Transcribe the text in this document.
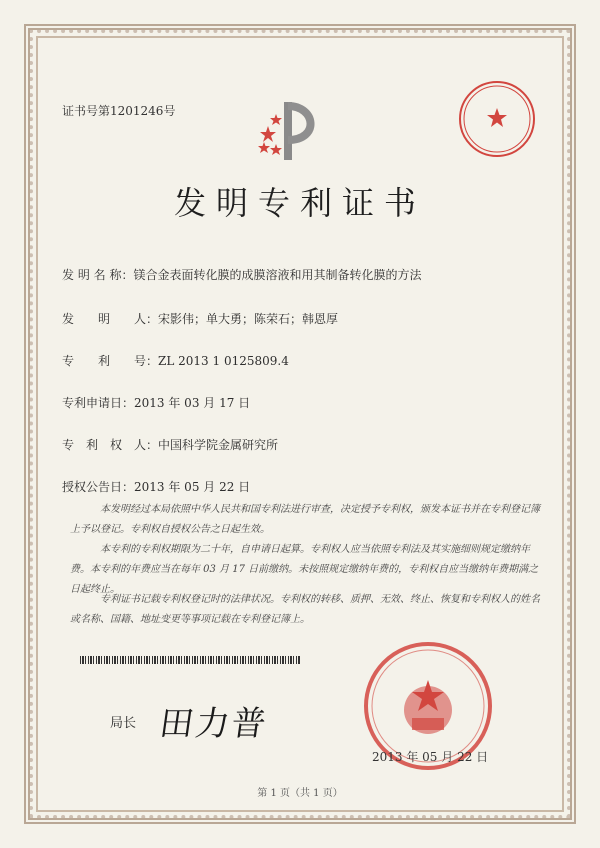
证书号第1201246号
发明专利证书
发 明 名 称：镁合金表面转化膜的成膜溶液和用其制备转化膜的方法
发　　明　　人：宋影伟；单大勇；陈荣石；韩恩厚
专　　利　　号：ZL 2013 1 0125809.4
专利申请日：2013 年 03 月 17 日
专　利　权　人：中国科学院金属研究所
授权公告日：2013 年 05 月 22 日
本发明经过本局依照中华人民共和国专利法进行审查，决定授予专利权，颁发本证书并在专利登记簿上予以登记。专利权自授权公告之日起生效。
本专利的专利权期限为二十年，自申请日起算。专利权人应当依照专利法及其实施细则规定缴纳年费。本专利的年费应当在每年 03 月 17 日前缴纳。未按照规定缴纳年费的，专利权自应当缴纳年费期满之日起终止。
专利证书记载专利权登记时的法律状况。专利权的转移、质押、无效、终止、恢复和专利权人的姓名或名称、国籍、地址变更等事项记载在专利登记簿上。
局长 田力普
2013 年 05 月 22 日
第 1 页（共 1 页）
